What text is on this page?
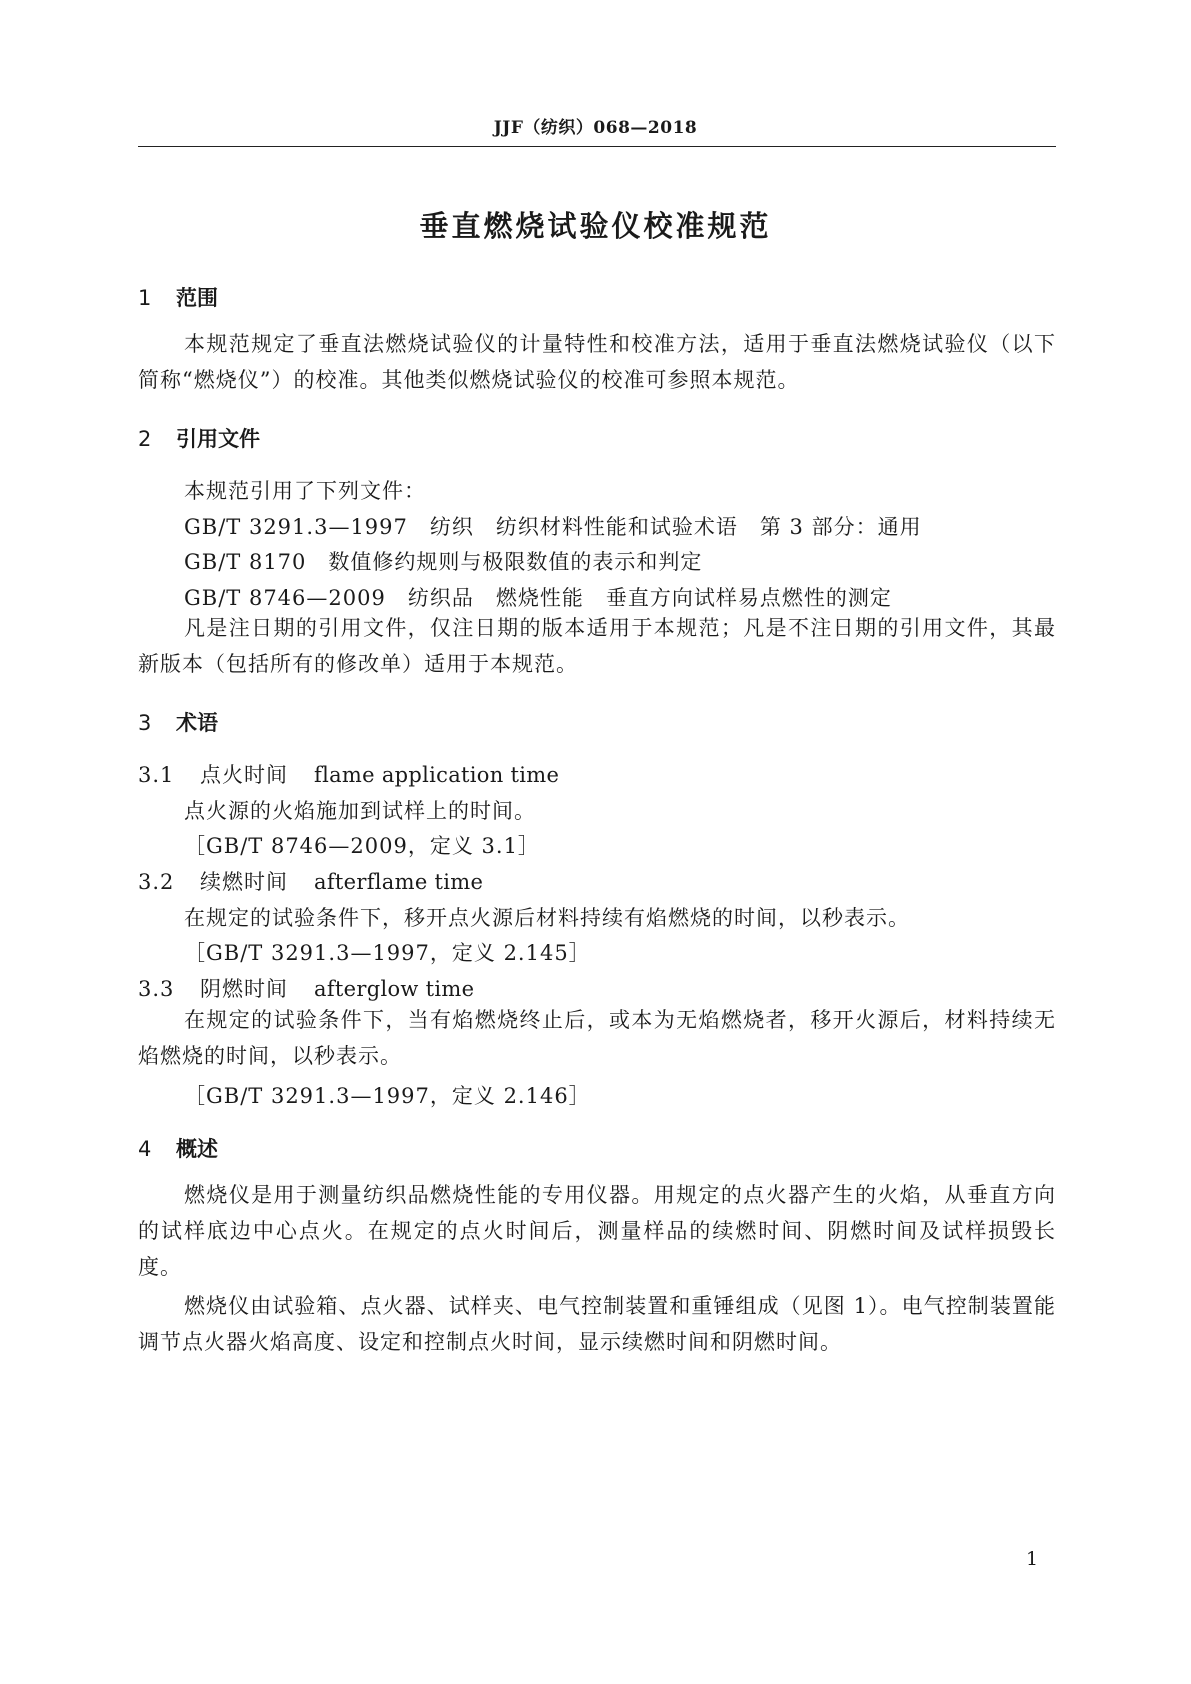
JJF（纺织）068—2018
垂直燃烧试验仪校准规范
1 范围

本规范规定了垂直法燃烧试验仪的计量特性和校准方法，适用于垂直法燃烧试验仪（以下简称“燃烧仪”）的校准。其他类似燃烧试验仪的校准可参照本规范。

2 引用文件
本规范引用了下列文件：
GB/T 3291.3—1997　纺织　纺织材料性能和试验术语　第 3 部分：通用
GB/T 8170　数值修约规则与极限数值的表示和判定
GB/T 8746—2009　纺织品　燃烧性能　垂直方向试样易点燃性的测定

凡是注日期的引用文件，仅注日期的版本适用于本规范；凡是不注日期的引用文件，其最新版本（包括所有的修改单）适用于本规范。

3 术语
3.1 点火时间 flame application time
点火源的火焰施加到试样上的时间。
［GB/T 8746—2009，定义 3.1］
3.2 续燃时间 afterflame time
在规定的试验条件下，移开点火源后材料持续有焰燃烧的时间，以秒表示。
［GB/T 3291.3—1997，定义 2.145］
3.3 阴燃时间 afterglow time

在规定的试验条件下，当有焰燃烧终止后，或本为无焰燃烧者，移开火源后，材料持续无焰燃烧的时间，以秒表示。

［GB/T 3291.3—1997，定义 2.146］
4 概述

燃烧仪是用于测量纺织品燃烧性能的专用仪器。用规定的点火器产生的火焰，从垂直方向的试样底边中心点火。在规定的点火时间后，测量样品的续燃时间、阴燃时间及试样损毁长度。

燃烧仪由试验箱、点火器、试样夹、电气控制装置和重锤组成（见图 1）。电气控制装置能调节点火器火焰高度、设定和控制点火时间，显示续燃时间和阴燃时间。

1
